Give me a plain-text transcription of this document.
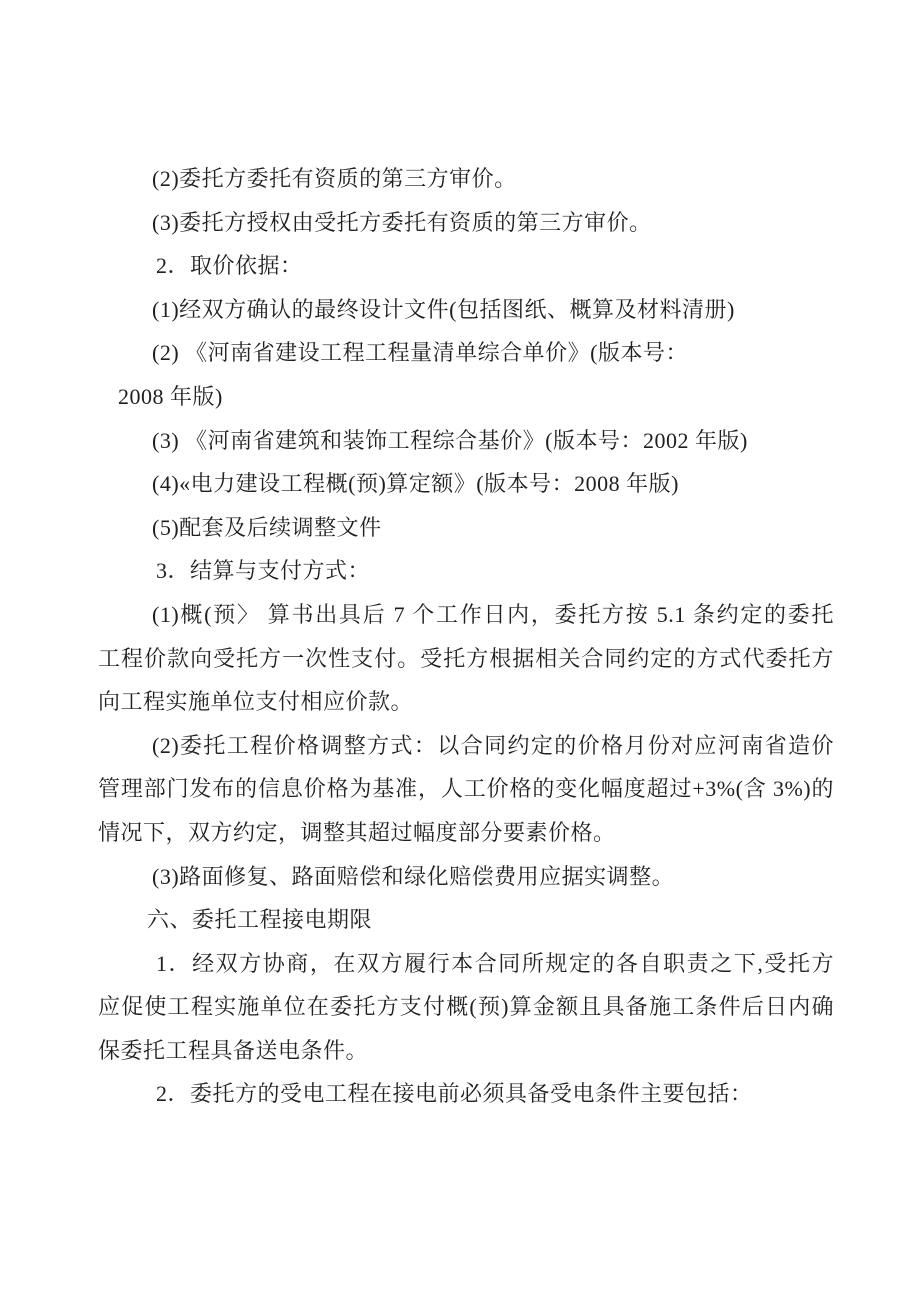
(2)委托方委托有资质的第三方审价。
(3)委托方授权由受托方委托有资质的第三方审价。
2．取价依据：
(1)经双方确认的最终设计文件(包括图纸、概算及材料清册)
(2) 《河南省建设工程工程量清单综合单价》(版本号：
2008 年版)
(3) 《河南省建筑和装饰工程综合基价》(版本号：2002 年版)
(4)«电力建设工程概(预)算定额》(版本号：2008 年版)
(5)配套及后续调整文件
3．结算与支付方式：
(1)概(预〉 算书出具后 7 个工作日内，委托方按 5.1 条约定的委托
工程价款向受托方一次性支付。受托方根据相关合同约定的方式代委托方
向工程实施单位支付相应价款。
(2)委托工程价格调整方式：以合同约定的价格月份对应河南省造价
管理部门发布的信息价格为基准，人工价格的变化幅度超过+3%(含 3%)的
情况下，双方约定，调整其超过幅度部分要素价格。
(3)路面修复、路面赔偿和绿化赔偿费用应据实调整。
六、委托工程接电期限
1．经双方协商，在双方履行本合同所规定的各自职责之下,受托方
应促使工程实施单位在委托方支付概(预)算金额且具备施工条件后日内确
保委托工程具备送电条件。
2．委托方的受电工程在接电前必须具备受电条件主要包括：
